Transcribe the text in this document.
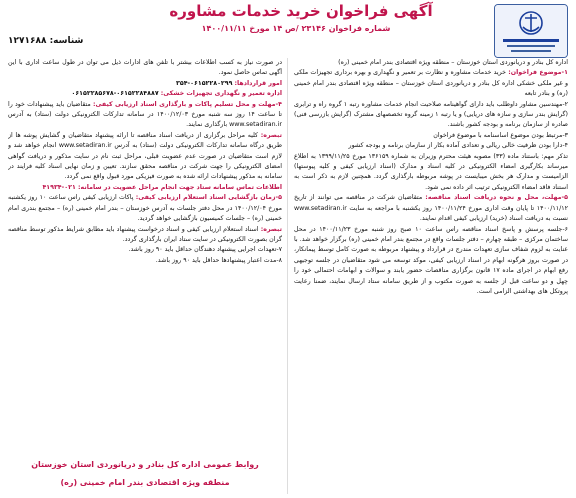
آگهی فراخوان خرید خدمات مشاوره
شماره فراخوان ۲۳۱۴۶ /ص ۱۴ مورخ ۱۴۰۰/۱۱/۱۱
شناسه: ۱۲۷۱۶۸۸

اداره کل بنادر و دریانوردی استان خوزستان – منطقه ویژه اقتصادی بندر امام خمینی (ره)

۱-موضوع فراخوان: خرید خدمات مشاوره و نظارت بر تعمیر و نگهداری و بهره برداری تجهیزات ملکی و غیر ملکی خشکی اداره کل بنادر و دریانوردی استان خوزستان – منطقه ویژه اقتصادی بندر امام خمینی (ره) و بنادر تابعه

۲-مهندسین مشاور داوطلب باید دارای گواهینامه صلاحیت انجام خدمات مشاوره رتبه ۱ گروه راه و ترابری (گرایش بندر سازی و سازه های دریایی) و یا رتبه ۱ زمینه گروه تخصصهای مشترک (گرایش بازرسی فنی) صادره از سازمان برنامه و بودجه کشور باشند.

۳-مرتبط بودن موضوع اساسنامه با موضوع فراخوان

۴-دارا بودن ظرفیت خالی ریالی و تعدادی آماده بکار از سازمان برنامه و بودجه کشور

تذکر مهم: باستناد ماده (۳۳) مصوبه هیئت محترم وزیران به شماره ۱۳۶۱۵۹ مورخ ۱۳۹۹/۱۱/۲۵ به اطلاع میرساند بکارگیری امضاء الکترونیکی در کلیه اسناد و مدارک (اسناد ارزیابی کیفی و کلیه پیوستها) الزامیست و مدارک هر بخش میبایست در پوشه مربوطه بارگذاری گردد. همچنین لازم به ذکر است به استناد فاقد امضاء الکترونیکی ترتیب اثر داده نمی شود.

۵-مهلت، محل و نحوه دریافت اسناد مناقصه: متقاضیان شرکت در مناقصه می توانند از تاریخ ۱۴۰۰/۱۱/۱۲ تا پایان وقت اداری مورخ ۱۴۰۰/۱۱/۲۴ روز یکشنبه با مراجعه به سایت www.setadiran.ir نسبت به دریافت اسناد (خرید) ارزیابی کیفی اقدام نمایند.

۶-جلسه پرسش و پاسخ اسناد مناقصه راس ساعت ۱۰ صبح روز شنبه مورخ ۱۴۰۰/۱۱/۲۳ در محل ساختمان مرکزی – طبقه چهارم – دفتر جلسات واقع در مجتمع بندر امام خمینی (ره) برگزار خواهد شد. با عنایت به لزوم شفاف سازی تعهدات مندرج در قرارداد و پیشنهاد مربوطه به صورت کامل توسط پیمانکار، در صورت بروز هرگونه ابهام در اسناد ارزیابی کیفی، موکد توسعه می شود متقاضیان در جلسه توجیهی رفع ابهام در اجرای ماده ۱۷ قانون برگزاری مناقصات حضور یابند و سوالات و ابهامات احتمالی خود را چهل و دو ساعت قبل از جلسه به صورت مکتوب و از طریق سامانه ستاد ارسال نمایند، ضمنا رعایت پروتکل های بهداشتی الزامی است.

در صورت نیاز به کسب اطلاعات بیشتر با تلفن های ادارات ذیل می توان در طول ساعت اداری با این آگهی تماس حاصل نمود.

امور قراردادها: ۰۶۱۵۲۲۸۰۲۹۹-۳۵۴

اداره تعمیر و نگهداری تجهیزات خشکی: ۰۶۱۵۲۲۸۴۸۸۷-۰۶۱۵۲۲۸۵۶۷۸

۴-مهلت و محل تسلیم پاکات و بارگذاری اسناد ارزیابی کیفی: متقاضیان باید پیشنهادات خود را تا ساعت ۱۴ روز سه شنبه مورخ ۱۴۰۰/۱۲/۰۳ در سامانه تدارکات الکترونیکی دولت (ستاد) به آدرس www.setadiran.ir بارگذاری نمایند.

تبصره: کلیه مراحل برگزاری از دریافت اسناد مناقصه تا ارائه پیشنهاد متقاضیان و گشایش پوشه ها از طریق درگاه سامانه تدارکات الکترونیکی دولت (ستاد) به آدرس www.setadiran.ir انجام خواهد شد و لازم است متقاضیان در صورت عدم عضویت قبلی، مراحل ثبت نام در سایت مذکور و دریافت گواهی امضای الکترونیکی را جهت شرکت در مناقصه محقق سازند. تعیین و زمان نهایی اسناد کلیه فرایند در سامانه به مذکور پیشنهادات ارائه شده به صورت فیزیکی مورد قبول واقع نمی گردد.

اطلاعات تماس سامانه ستاد جهت انجام مراحل عضویت در سامانه: ۰۲۱-۴۱۹۳۴

۵-زمان بازگشایی اسناد استعلام ارزیابی کیفی: پاکات ارزیابی کیفی راس ساعت ۱۰ روز یکشنبه مورخ ۱۴۰۰/۱۲/۰۴ در محل دفتر جلسات به آدرس خوزستان – بندر امام خمینی (ره) – مجتمع بندری امام خمینی (ره) – جلسات کمیسیون بازگشایی خواهد گردید.

تبصره: اسناد استعلام ارزیابی کیفی و اسناد درخواست پیشنهاد باید مطابق شرایط مذکور توسط مناقصه گران بصورت الکترونیکی در سایت ستاد ایران بارگذاری گردد.

۷-تعهدات اجرایی پیشنهاد دهندگان حداقل باید ۹۰ روز باشد.

۸-مدت اعتبار پیشنهادها حداقل باید ۹۰ روز باشد.

روابط عمومی اداره کل بنادر و دریانوردی استان خوزستان
منطقه ویژه اقتصادی بندر امام خمینی (ره)
